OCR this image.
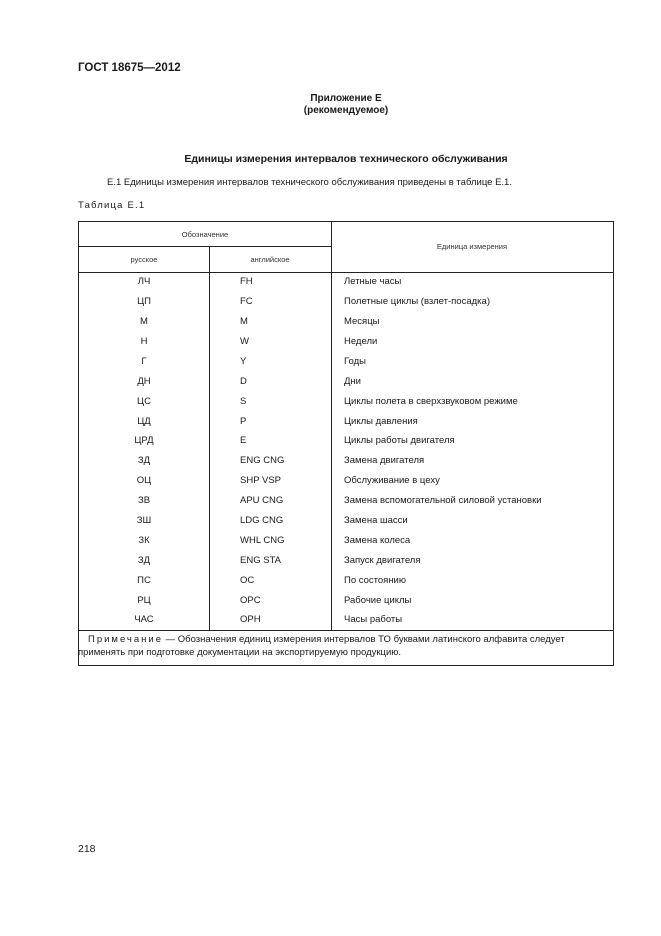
ГОСТ 18675—2012
Приложение Е
(рекомендуемое)
Единицы измерения интервалов технического обслуживания
Е.1 Единицы измерения интервалов технического обслуживания приведены в таблице Е.1.
Таблица Е.1
Обозначение
русское	английское
Единица измерения
ЛЧ	FH	Летные часы
ЦП	FC	Полетные циклы (взлет-посадка)
М	M	Месяцы
Н	W	Недели
Г	Y	Годы
ДН	D	Дни
ЦС	S	Циклы полета в сверхзвуковом режиме
ЦД	P	Циклы давления
ЦРД	E	Циклы работы двигателя
ЗД	ENG CNG	Замена двигателя
ОЦ	SHP VSP	Обслуживание в цеху
ЗВ	APU CNG	Замена вспомогательной силовой установки
ЗШ	LDG CNG	Замена шасси
ЗК	WHL CNG	Замена колеса
ЗД	ENG STA	Запуск двигателя
ПС	OC	По состоянию
РЦ	OPC	Рабочие циклы
ЧАС	OPH	Часы работы
Примечание — Обозначения единиц измерения интервалов ТО буквами латинского алфавита следует применять при подготовке документации на экспортируемую продукцию.
218
